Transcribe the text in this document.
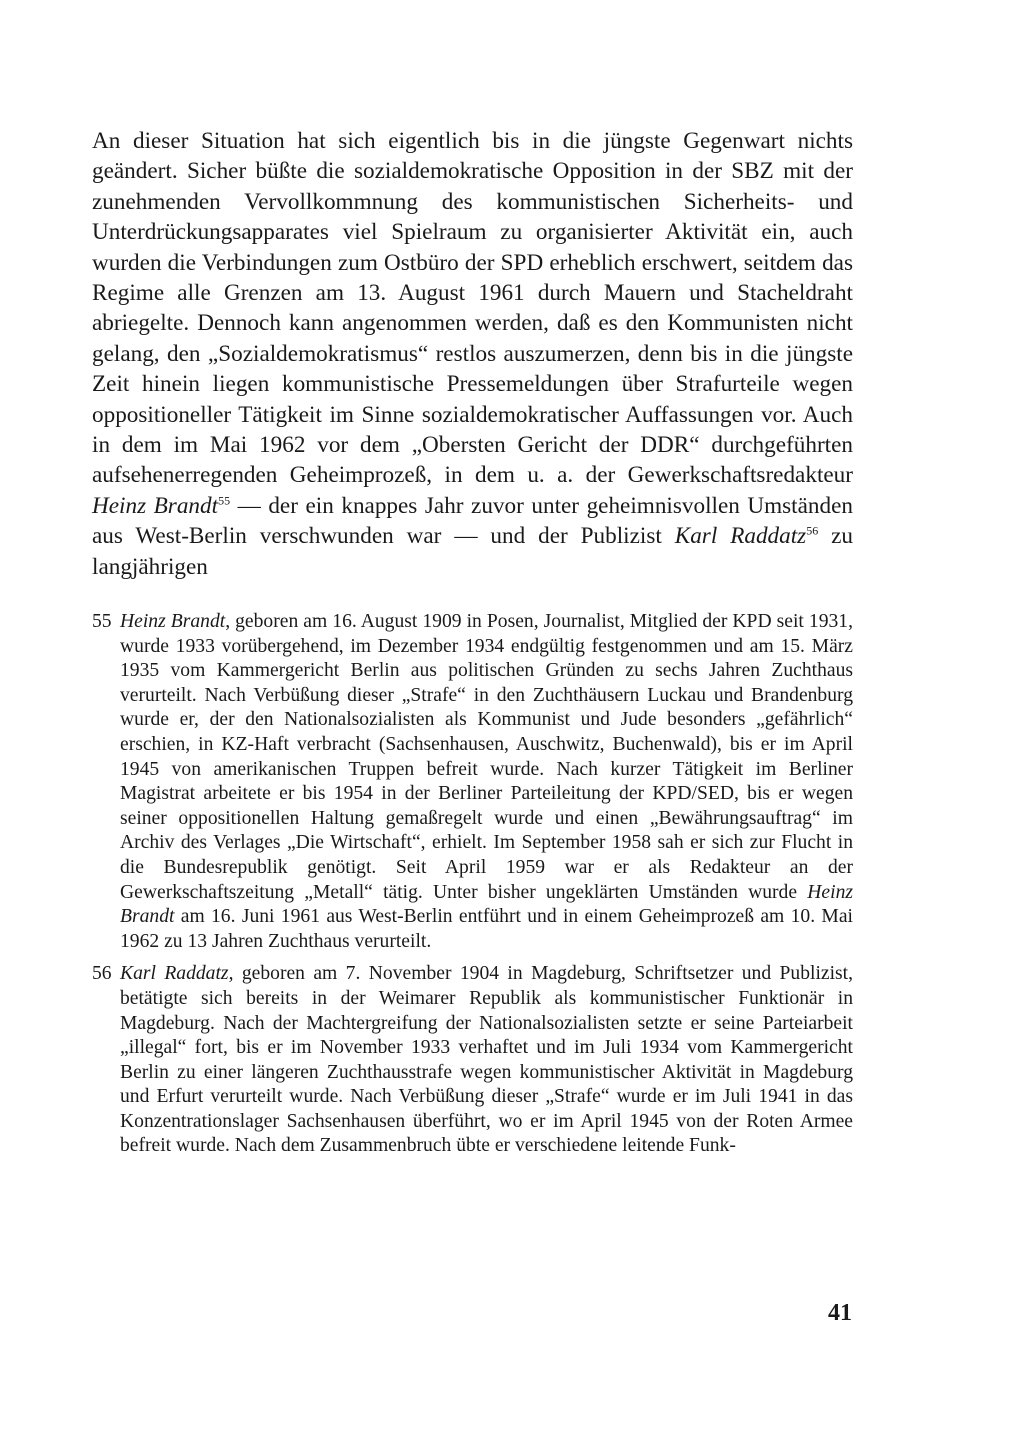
An dieser Situation hat sich eigentlich bis in die jüngste Gegenwart nichts geändert. Sicher büßte die sozialdemokratische Opposition in der SBZ mit der zunehmenden Vervollkommnung des kommunistischen Sicherheits- und Unterdrückungsapparates viel Spielraum zu organisierter Aktivität ein, auch wurden die Verbindungen zum Ostbüro der SPD erheblich erschwert, seitdem das Regime alle Grenzen am 13. August 1961 durch Mauern und Stacheldraht abriegelte. Dennoch kann angenommen werden, daß es den Kommunisten nicht gelang, den „Sozialdemokratismus“ restlos auszumerzen, denn bis in die jüngste Zeit hinein liegen kommunistische Pressemeldungen über Strafurteile wegen oppositioneller Tätigkeit im Sinne sozialdemokratischer Auffassungen vor. Auch in dem im Mai 1962 vor dem „Obersten Gericht der DDR“ durchgeführten aufsehenerregenden Geheimprozeß, in dem u. a. der Gewerkschaftsredakteur Heinz Brandt$^{55}$ — der ein knappes Jahr zuvor unter geheimnisvollen Umständen aus West-Berlin verschwunden war — und der Publizist Karl Raddatz$^{56}$ zu langjährigen

55 Heinz Brandt, geboren am 16. August 1909 in Posen, Journalist, Mitglied der KPD seit 1931, wurde 1933 vorübergehend, im Dezember 1934 endgültig festgenommen und am 15. März 1935 vom Kammergericht Berlin aus politischen Gründen zu sechs Jahren Zuchthaus verurteilt. Nach Verbüßung dieser „Strafe“ in den Zuchthäusern Luckau und Brandenburg wurde er, der den Nationalsozialisten als Kommunist und Jude besonders „gefährlich“ erschien, in KZ-Haft verbracht (Sachsenhausen, Auschwitz, Buchenwald), bis er im April 1945 von amerikanischen Truppen befreit wurde. Nach kurzer Tätigkeit im Berliner Magistrat arbeitete er bis 1954 in der Berliner Parteileitung der KPD/SED, bis er wegen seiner oppositionellen Haltung gemaßregelt wurde und einen „Bewährungsauftrag“ im Archiv des Verlages „Die Wirtschaft“, erhielt. Im September 1958 sah er sich zur Flucht in die Bundesrepublik genötigt. Seit April 1959 war er als Redakteur an der Gewerkschaftszeitung „Metall“ tätig. Unter bisher ungeklärten Umständen wurde Heinz Brandt am 16. Juni 1961 aus West-Berlin entführt und in einem Geheimprozeß am 10. Mai 1962 zu 13 Jahren Zuchthaus verurteilt.

56 Karl Raddatz, geboren am 7. November 1904 in Magdeburg, Schriftsetzer und Publizist, betätigte sich bereits in der Weimarer Republik als kommunistischer Funktionär in Magdeburg. Nach der Machtergreifung der Nationalsozialisten setzte er seine Parteiarbeit „illegal“ fort, bis er im November 1933 verhaftet und im Juli 1934 vom Kammergericht Berlin zu einer längeren Zuchthausstrafe wegen kommunistischer Aktivität in Magdeburg und Erfurt verurteilt wurde. Nach Verbüßung dieser „Strafe“ wurde er im Juli 1941 in das Konzentrationslager Sachsenhausen überführt, wo er im April 1945 von der Roten Armee befreit wurde. Nach dem Zusammenbruch übte er verschiedene leitende Funk-

41
